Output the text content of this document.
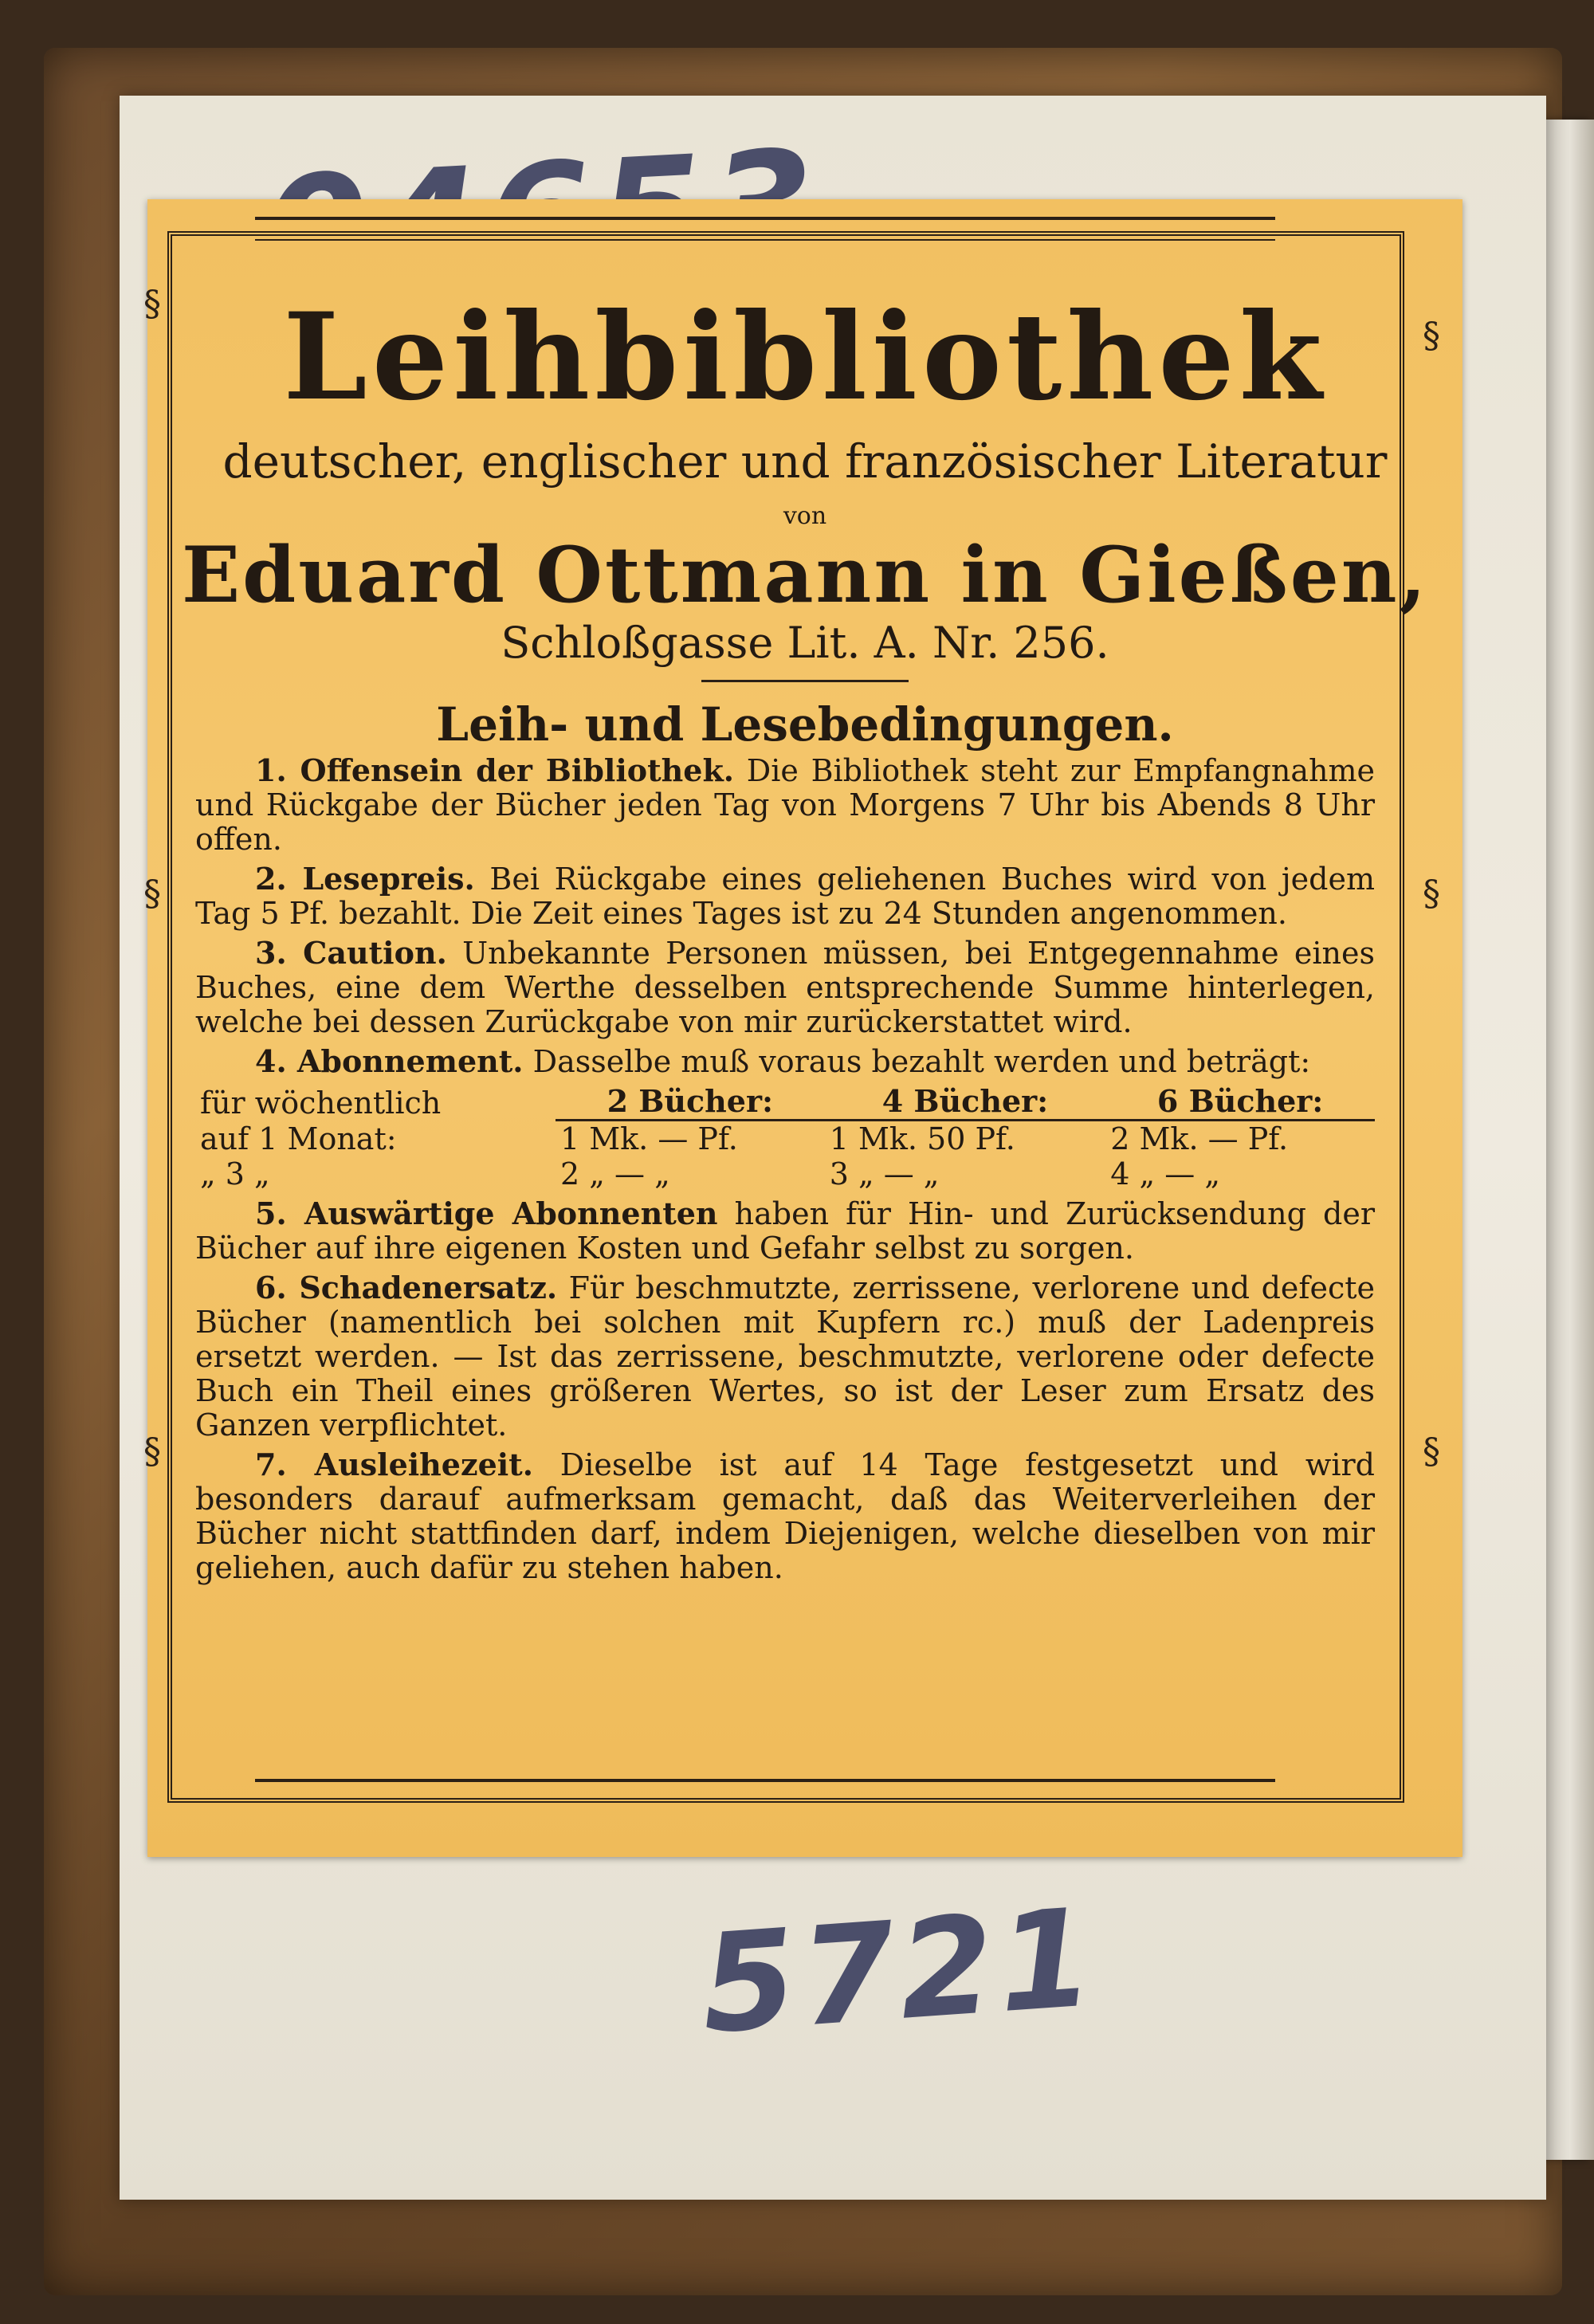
§
§
§
§
§
§
Leihbibliothek
deutscher, englischer und französischer Literatur
von
Eduard Ottmann in Gießen,
Schloßgasse Lit. A. Nr. 256.
Leih- und Lesebedingungen.

1. Offensein der Bibliothek. Die Bibliothek steht zur Empfangnahme und Rückgabe der Bücher jeden Tag von Morgens 7 Uhr bis Abends 8 Uhr offen.

2. Lesepreis. Bei Rückgabe eines geliehenen Buches wird von jedem Tag 5 Pf. bezahlt. Die Zeit eines Tages ist zu 24 Stunden angenommen.

3. Caution. Unbekannte Personen müssen, bei Entgegennahme eines Buches, eine dem Werthe desselben entsprechende Summe hinterlegen, welche bei dessen Zurückgabe von mir zurückerstattet wird.

4. Abonnement. Dasselbe muß voraus bezahlt werden und beträgt:

für wöchentlich	2 Bücher:	4 Bücher:	6 Bücher:
auf 1 Monat:	1 Mk. — Pf.	1 Mk. 50 Pf.	2 Mk. — Pf.
„ 3 „	2 „ — „	3 „ — „	4 „ — „

5. Auswärtige Abonnenten haben für Hin- und Zurücksendung der Bücher auf ihre eigenen Kosten und Gefahr selbst zu sorgen.

6. Schadenersatz. Für beschmutzte, zerrissene, verlorene und defecte Bücher (namentlich bei solchen mit Kupfern rc.) muß der Ladenpreis ersetzt werden. — Ist das zerrissene, beschmutzte, verlorene oder defecte Buch ein Theil eines größeren Wertes, so ist der Leser zum Ersatz des Ganzen verpflichtet.

7. Ausleihezeit. Dieselbe ist auf 14 Tage festgesetzt und wird besonders darauf aufmerksam gemacht, daß das Weiterverleihen der Bücher nicht stattfinden darf, indem Diejenigen, welche dieselben von mir geliehen, auch dafür zu stehen haben.

5721
